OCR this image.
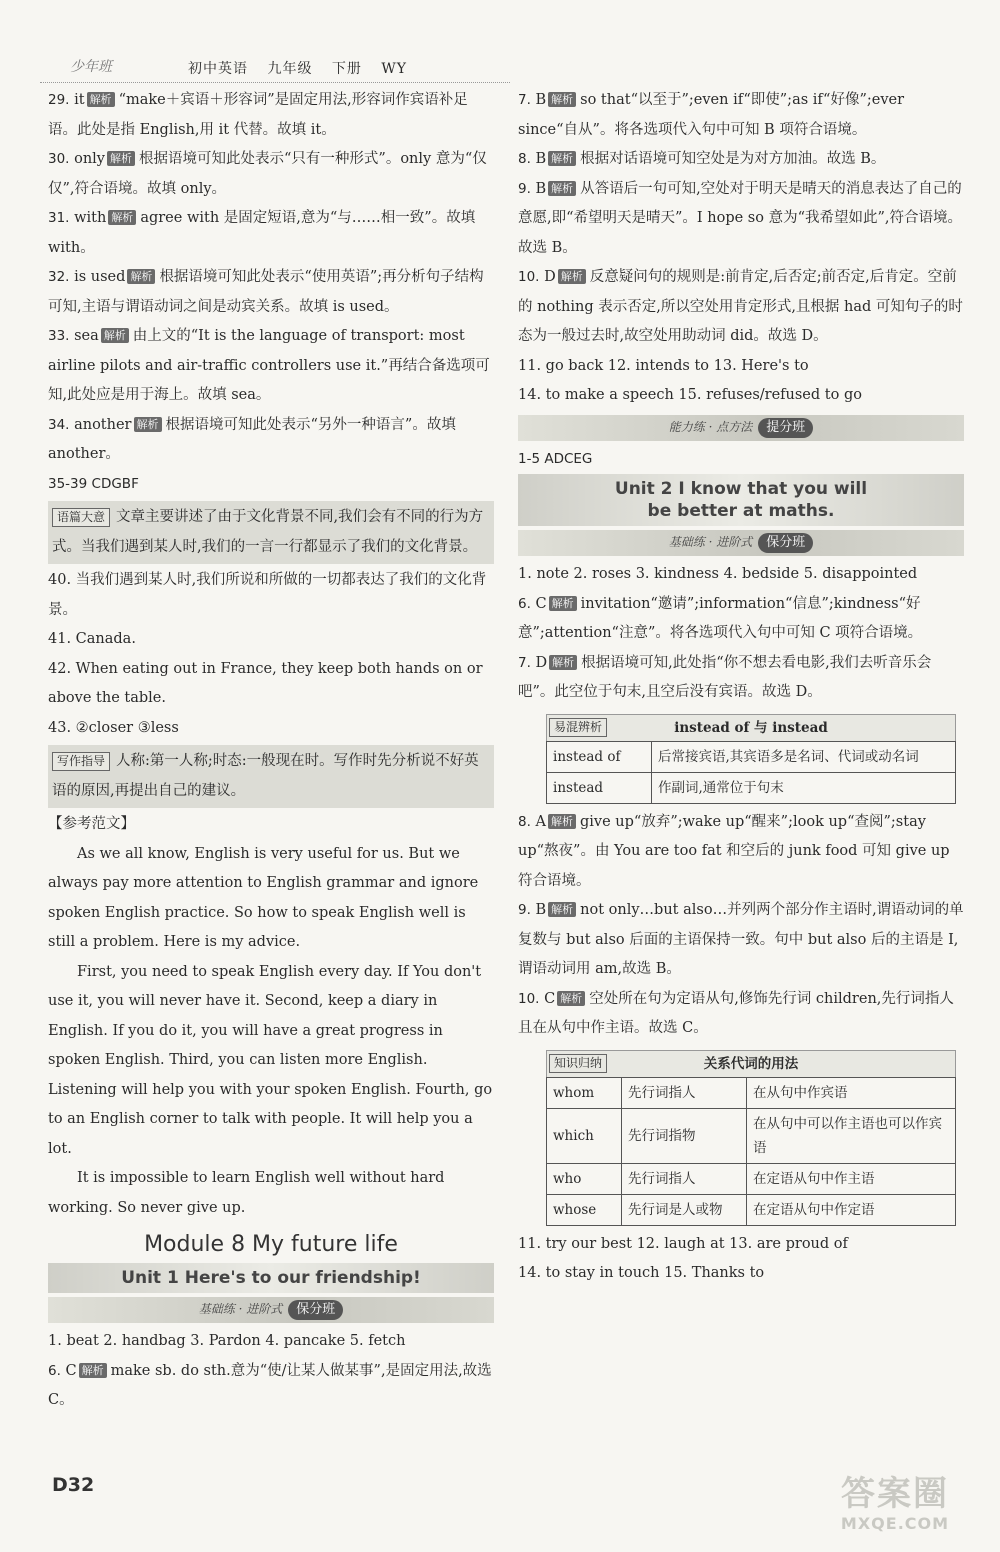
少年班	初中英语 九年级 下册 WY

29. it 解析 “make＋宾语＋形容词”是固定用法,形容词作宾语补足语。此处是指 English,用 it 代替。故填 it。

30. only 解析 根据语境可知此处表示“只有一种形式”。only 意为“仅仅”,符合语境。故填 only。

31. with 解析 agree with 是固定短语,意为“与……相一致”。故填 with。

32. is used 解析 根据语境可知此处表示“使用英语”;再分析句子结构可知,主语与谓语动词之间是动宾关系。故填 is used。

33. sea 解析 由上文的“It is the language of transport: most airline pilots and air-traffic controllers use it.”再结合备选项可知,此处应是用于海上。故填 sea。

34. another 解析 根据语境可知此处表示“另外一种语言”。故填 another。

35-39 CDGBF

语篇大意 文章主要讲述了由于文化背景不同,我们会有不同的行为方式。当我们遇到某人时,我们的一言一行都显示了我们的文化背景。

40. 当我们遇到某人时,我们所说和所做的一切都表达了我们的文化背景。

41. Canada.

42. When eating out in France, they keep both hands on or above the table.

43. ②closer ③less

写作指导 人称:第一人称;时态:一般现在时。写作时先分析说不好英语的原因,再提出自己的建议。

【参考范文】

As we all know, English is very useful for us. But we always pay more attention to English grammar and ignore spoken English practice. So how to speak English well is still a problem. Here is my advice.

First, you need to speak English every day. If You don't use it, you will never have it. Second, keep a diary in English. If you do it, you will have a great progress in spoken English. Third, you can listen more English. Listening will help you with your spoken English. Fourth, go to an English corner to talk with people. It will help you a lot.

It is impossible to learn English well without hard working. So never give up.

Module 8 My future life
Unit 1 Here's to our friendship!
基础练 · 进阶式 保分班

1. beat 2. handbag 3. Pardon 4. pancake 5. fetch

6. C 解析 make sb. do sth.意为“使/让某人做某事”,是固定用法,故选 C。

7. B 解析 so that“以至于”;even if“即使”;as if“好像”;ever since“自从”。将各选项代入句中可知 B 项符合语境。

8. B 解析 根据对话语境可知空处是为对方加油。故选 B。

9. B 解析 从答语后一句可知,空处对于明天是晴天的消息表达了自己的意愿,即“希望明天是晴天”。I hope so 意为“我希望如此”,符合语境。故选 B。

10. D 解析 反意疑问句的规则是:前肯定,后否定;前否定,后肯定。空前的 nothing 表示否定,所以空处用肯定形式,且根据 had 可知句子的时态为一般过去时,故空处用助动词 did。故选 D。

11. go back 12. intends to 13. Here's to

14. to make a speech 15. refuses/refused to go

能力练 · 点方法 提分班

1-5 ADCEG

Unit 2 I know that you will
be better at maths.
基础练 · 进阶式 保分班

1. note 2. roses 3. kindness 4. bedside 5. disappointed

6. C 解析 invitation“邀请”;information“信息”;kindness“好意”;attention“注意”。将各选项代入句中可知 C 项符合语境。

7. D 解析 根据语境可知,此处指“你不想去看电影,我们去听音乐会吧”。此空位于句末,且空后没有宾语。故选 D。

易混辨析	instead of 与 instead
instead of	后常接宾语,其宾语多是名词、代词或动名词
instead	作副词,通常位于句末

8. A 解析 give up“放弃”;wake up“醒来”;look up“查阅”;stay up“熬夜”。由 You are too fat 和空后的 junk food 可知 give up 符合语境。

9. B 解析 not only…but also…并列两个部分作主语时,谓语动词的单复数与 but also 后面的主语保持一致。句中 but also 后的主语是 I,谓语动词用 am,故选 B。

10. C 解析 空处所在句为定语从句,修饰先行词 children,先行词指人且在从句中作主语。故选 C。

知识归纳	关系代词的用法
whom	先行词指人	在从句中作宾语
which	先行词指物	在从句中可以作主语也可以作宾语
who	先行词指人	在定语从句中作主语
whose	先行词是人或物	在定语从句中作定语

11. try our best 12. laugh at 13. are proud of

14. to stay in touch 15. Thanks to

D32	答案圈
MXQE.COM
